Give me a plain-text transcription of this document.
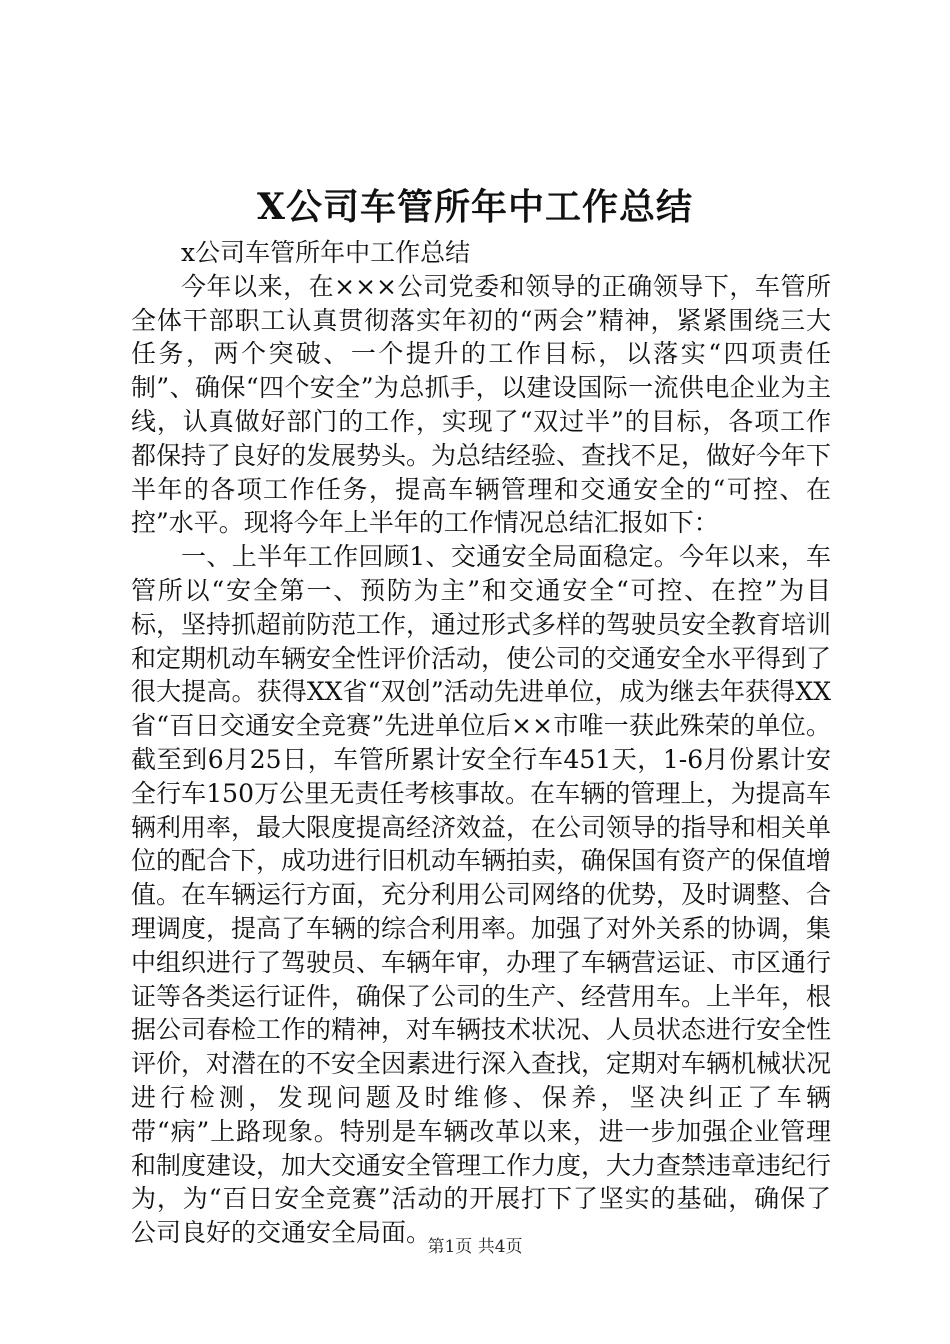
X公司车管所年中工作总结

x公司车管所年中工作总结

今年以来，在×××公司党委和领导的正确领导下，车管所全体干部职工认真贯彻落实年初的“两会”精神，紧紧围绕三大任务，两个突破、一个提升的工作目标，以落实“四项责任制”、确保“四个安全”为总抓手，以建设国际一流供电企业为主线，认真做好部门的工作，实现了“双过半”的目标，各项工作都保持了良好的发展势头。为总结经验、查找不足，做好今年下半年的各项工作任务，提高车辆管理和交通安全的“可控、在控”水平。现将今年上半年的工作情况总结汇报如下：

一、上半年工作回顾1、交通安全局面稳定。今年以来，车管所以“安全第一、预防为主”和交通安全“可控、在控”为目标，坚持抓超前防范工作，通过形式多样的驾驶员安全教育培训和定期机动车辆安全性评价活动，使公司的交通安全水平得到了很大提高。获得XX省“双创”活动先进单位，成为继去年获得XX省“百日交通安全竞赛”先进单位后××市唯一获此殊荣的单位。截至到6月25日，车管所累计安全行车451天，1-6月份累计安全行车150万公里无责任考核事故。在车辆的管理上，为提高车辆利用率，最大限度提高经济效益，在公司领导的指导和相关单位的配合下，成功进行旧机动车辆拍卖，确保国有资产的保值增值。在车辆运行方面，充分利用公司网络的优势，及时调整、合理调度，提高了车辆的综合利用率。加强了对外关系的协调，集中组织进行了驾驶员、车辆年审，办理了车辆营运证、市区通行证等各类运行证件，确保了公司的生产、经营用车。上半年，根据公司春检工作的精神，对车辆技术状况、人员状态进行安全性评价，对潜在的不安全因素进行深入查找，定期对车辆机械状况进行检测，发现问题及时维修、保养，坚决纠正了车辆带“病”上路现象。特别是车辆改革以来，进一步加强企业管理和制度建设，加大交通安全管理工作力度，大力查禁违章违纪行为，为“百日安全竞赛”活动的开展打下了坚实的基础，确保了公司良好的交通安全局面。

第1页 共4页
